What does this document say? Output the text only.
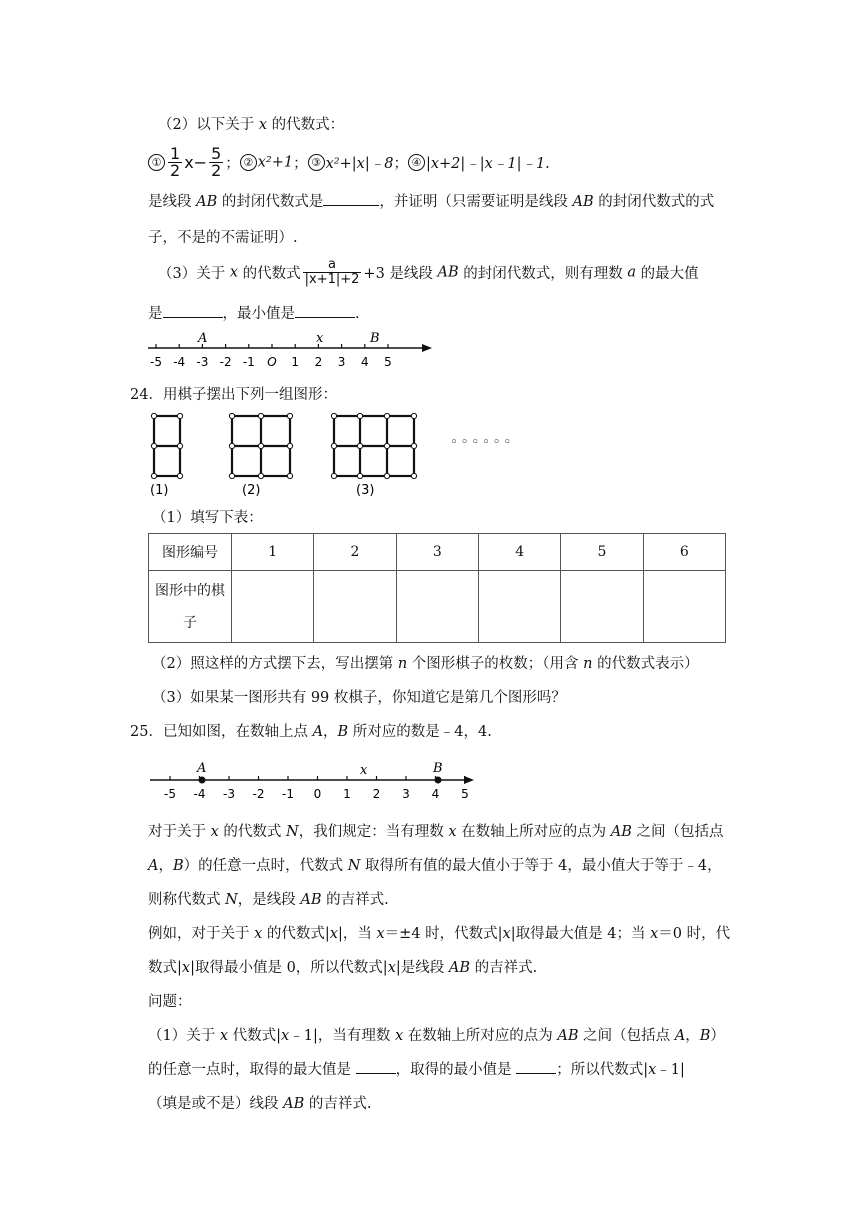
（2）以下关于 x 的代数式：
① $\frac{1}{2} x- \frac{5}{2}$ ； ② x²+1； ③ x²+|x|﹣8； ④ |x+2|﹣|x﹣1|﹣1.
是线段 AB 的封闭代数式是	，并证明（只需要证明是线段 AB 的封闭代数式的式
子，不是的不需证明）.
（3）关于 x 的代数式 $\frac{a}{|x+1|+2} +3$ 是线段 AB 的封闭代数式，则有理数 a 的最大值
是	，最小值是	.
-5 -4 -3 -2 -1 O 1 2 3 4 5
A	x	B
24．用棋子摆出下列一组图形：
◦◦◦◦◦◦
(1)	(2)	(3)
（1）填写下表：
图形编号	1	2	3	4	5	6
图形中的棋
子						
（2）照这样的方式摆下去，写出摆第 n 个图形棋子的枚数；（用含 n 的代数式表示）
（3）如果某一图形共有 99 枚棋子，你知道它是第几个图形吗？
25．已知如图，在数轴上点 A，B 所对应的数是﹣4，4.
-5 -4 -3 -2 -1 0 1 2 3 4 5
A	x	B
对于关于 x 的代数式 N，我们规定：当有理数 x 在数轴上所对应的点为 AB 之间（包括点
A，B）的任意一点时，代数式 N 取得所有值的最大值小于等于 4，最小值大于等于﹣4，
则称代数式 N，是线段 AB 的吉祥式.
例如，对于关于 x 的代数式|x|，当 x＝±4 时，代数式|x|取得最大值是 4；当 x＝0 时，代
数式|x|取得最小值是 0，所以代数式|x|是线段 AB 的吉祥式.
问题：
（1）关于 x 代数式|x﹣1|，当有理数 x 在数轴上所对应的点为 AB 之间（包括点 A，B）
的任意一点时，取得的最大值是	，取得的最小值是	；所以代数式|x﹣1|
（填是或不是）线段 AB 的吉祥式.
